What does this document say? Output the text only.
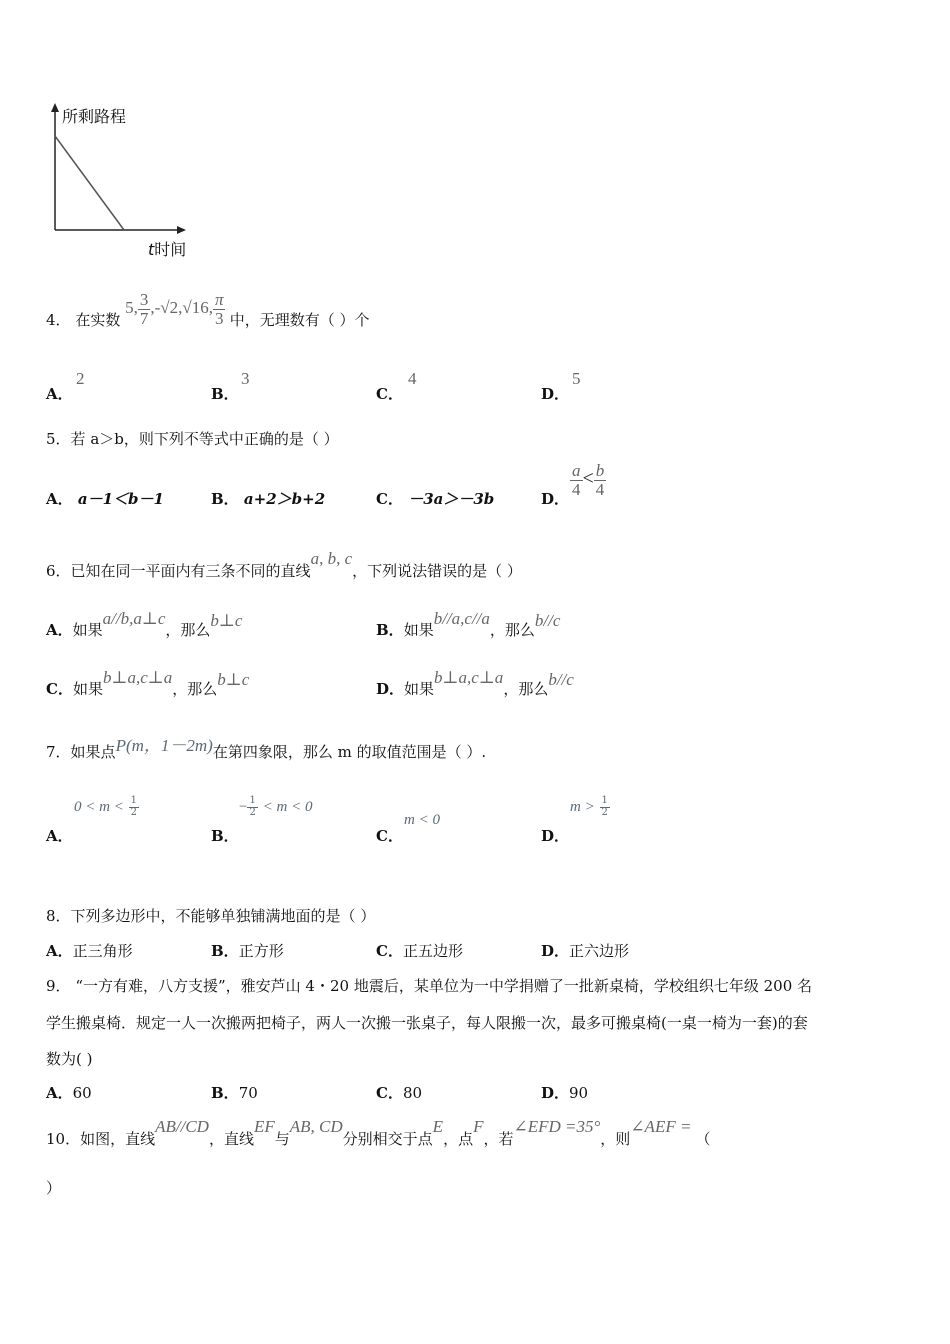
所剩路程
t时间
4． 在实数 5, $\frac{3}{7} ,-√2,√16$, $\frac{\pi}{3}$ 中，无理数有（ ）个
A．
2
B．
3
C．
4
D．
5
5．若 a＞b，则下列不等式中正确的是（ ）
A． a－1＜b－1	B． a+2＞b+2	C． －3a＞－3b	D．
$\frac{a}{4} < \frac{b}{4}$
6．已知在同一平面内有三条不同的直线a, b, c，下列说法错误的是（ ）
A．如果a//b,a⊥c，那么b⊥c	B．如果b//a,c//a，那么b//c
C．如果b⊥a,c⊥a，那么b⊥c	D．如果b⊥a,c⊥a，那么b//c
7．如果点P(m，1－2m)在第四象限，那么 m 的取值范围是（ ）.
A．
$0 < m < \frac{1}{2}$
B．
− $\frac{1}{2} < m < 0$
C．
m < 0
D．
$m > \frac{1}{2}$
8．下列多边形中，不能够单独铺满地面的是（ ）
A．正三角形	B．正方形	C．正五边形	D．正六边形
9． “一方有难，八方支援”，雅安芦山 4・20 地震后，某单位为一中学捐赠了一批新桌椅，学校组织七年级 200 名
学生搬桌椅．规定一人一次搬两把椅子，两人一次搬一张桌子，每人限搬一次，最多可搬桌椅(一桌一椅为一套)的套
数为( )
A．60	B．70	C．80	D．90
10．如图，直线AB//CD，直线EF与AB, CD分别相交于点E，点F，若∠EFD =35°，则∠AEF =（
）
